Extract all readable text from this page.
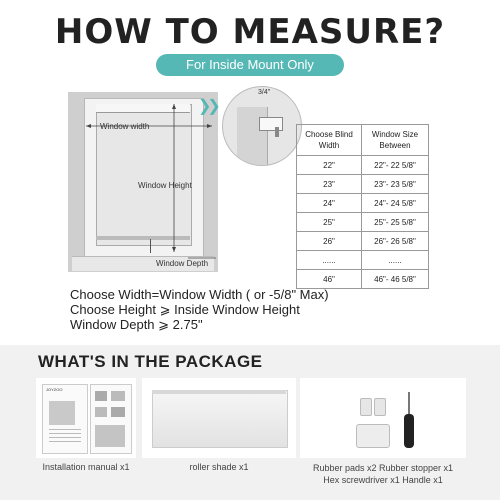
HOW TO MEASURE?
For Inside Mount Only
Window width
Window Height
Window Depth
❯❯
3/4"
Choose Blind Width	Window Size Between
22"	22"- 22 5/8"
23"	23"- 23 5/8"
24"	24"- 24 5/8"
25"	25"- 25 5/8"
26"	26"- 26 5/8"
......	......
46"	46"- 46 5/8"
Choose Width=Window Width ( or -5/8" Max)
Choose Height ⩾ Inside Window Height
Window Depth ⩾ 2.75"
WHAT'S IN THE PACKAGE
JOYZOO
Installation manual x1	roller shade x1	Rubber pads x2 Rubber stopper x1
Hex screwdriver x1 Handle x1
